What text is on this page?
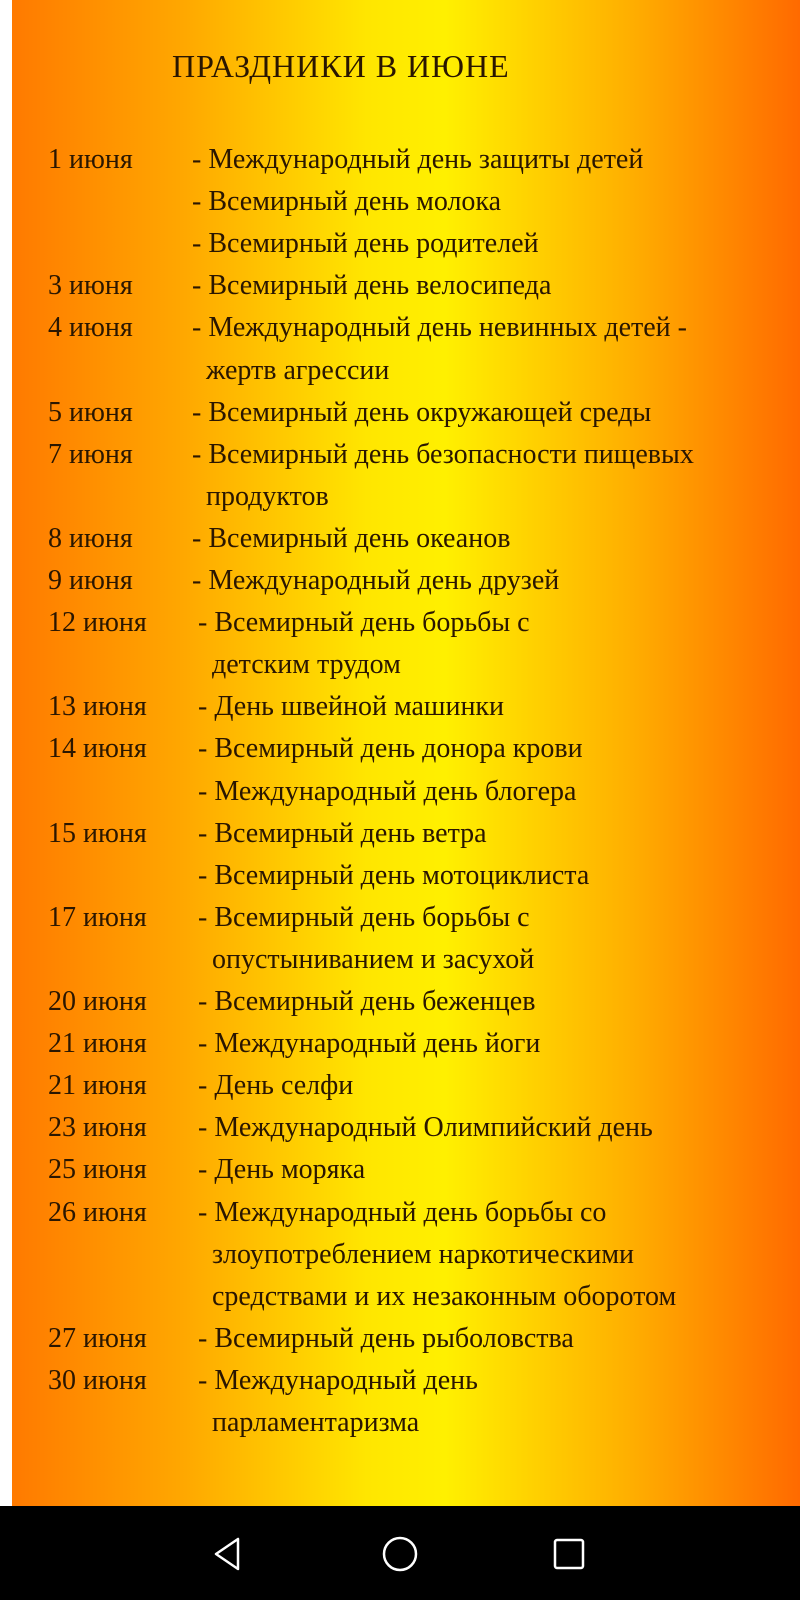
ПРАЗДНИКИ В ИЮНЕ
1 июня - Международный день защиты детей
- Всемирный день молока
- Всемирный день родителей
3 июня - Всемирный день велосипеда
4 июня - Международный день невинных детей -
жертв агрессии
5 июня - Всемирный день окружающей среды
7 июня - Всемирный день безопасности пищевых
продуктов
8 июня - Всемирный день океанов
9 июня - Международный день друзей
12 июня - Всемирный день борьбы с
детским трудом
13 июня - День швейной машинки
14 июня - Всемирный день донора крови
- Международный день блогера
15 июня - Всемирный день ветра
- Всемирный день мотоциклиста
17 июня - Всемирный день борьбы с
опустыниванием и засухой
20 июня - Всемирный день беженцев
21 июня - Международный день йоги
21 июня - День селфи
23 июня - Международный Олимпийский день
25 июня - День моряка
26 июня - Международный день борьбы со
злоупотреблением наркотическими
средствами и их незаконным оборотом
27 июня - Всемирный день рыболовства
30 июня - Международный день
парламентаризма
